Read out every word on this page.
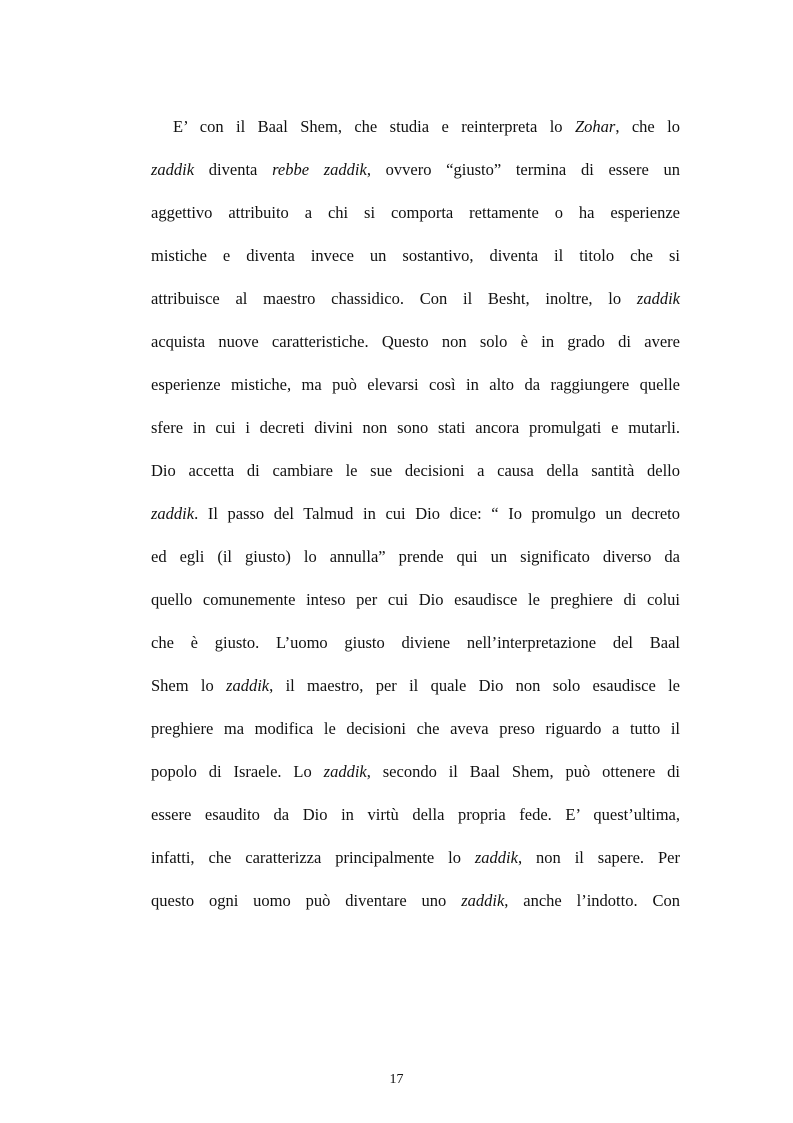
E’ con il Baal Shem, che studia e reinterpreta lo Zohar, che lo
zaddik diventa rebbe zaddik, ovvero “giusto” termina di essere un
aggettivo attribuito a chi si comporta rettamente o ha esperienze
mistiche e diventa invece un sostantivo, diventa il titolo che si
attribuisce al maestro chassidico. Con il Besht, inoltre, lo zaddik
acquista nuove caratteristiche. Questo non solo è in grado di avere
esperienze mistiche, ma può elevarsi così in alto da raggiungere quelle
sfere in cui i decreti divini non sono stati ancora promulgati e mutarli.
Dio accetta di cambiare le sue decisioni a causa della santità dello
zaddik. Il passo del Talmud in cui Dio dice: “ Io promulgo un decreto
ed egli (il giusto) lo annulla” prende qui un significato diverso da
quello comunemente inteso per cui Dio esaudisce le preghiere di colui
che è giusto. L’uomo giusto diviene nell’interpretazione del Baal
Shem lo zaddik, il maestro, per il quale Dio non solo esaudisce le
preghiere ma modifica le decisioni che aveva preso riguardo a tutto il
popolo di Israele. Lo zaddik, secondo il Baal Shem, può ottenere di
essere esaudito da Dio in virtù della propria fede. E’ quest’ultima,
infatti, che caratterizza principalmente lo zaddik, non il sapere. Per
questo ogni uomo può diventare uno zaddik, anche l’indotto. Con
17
